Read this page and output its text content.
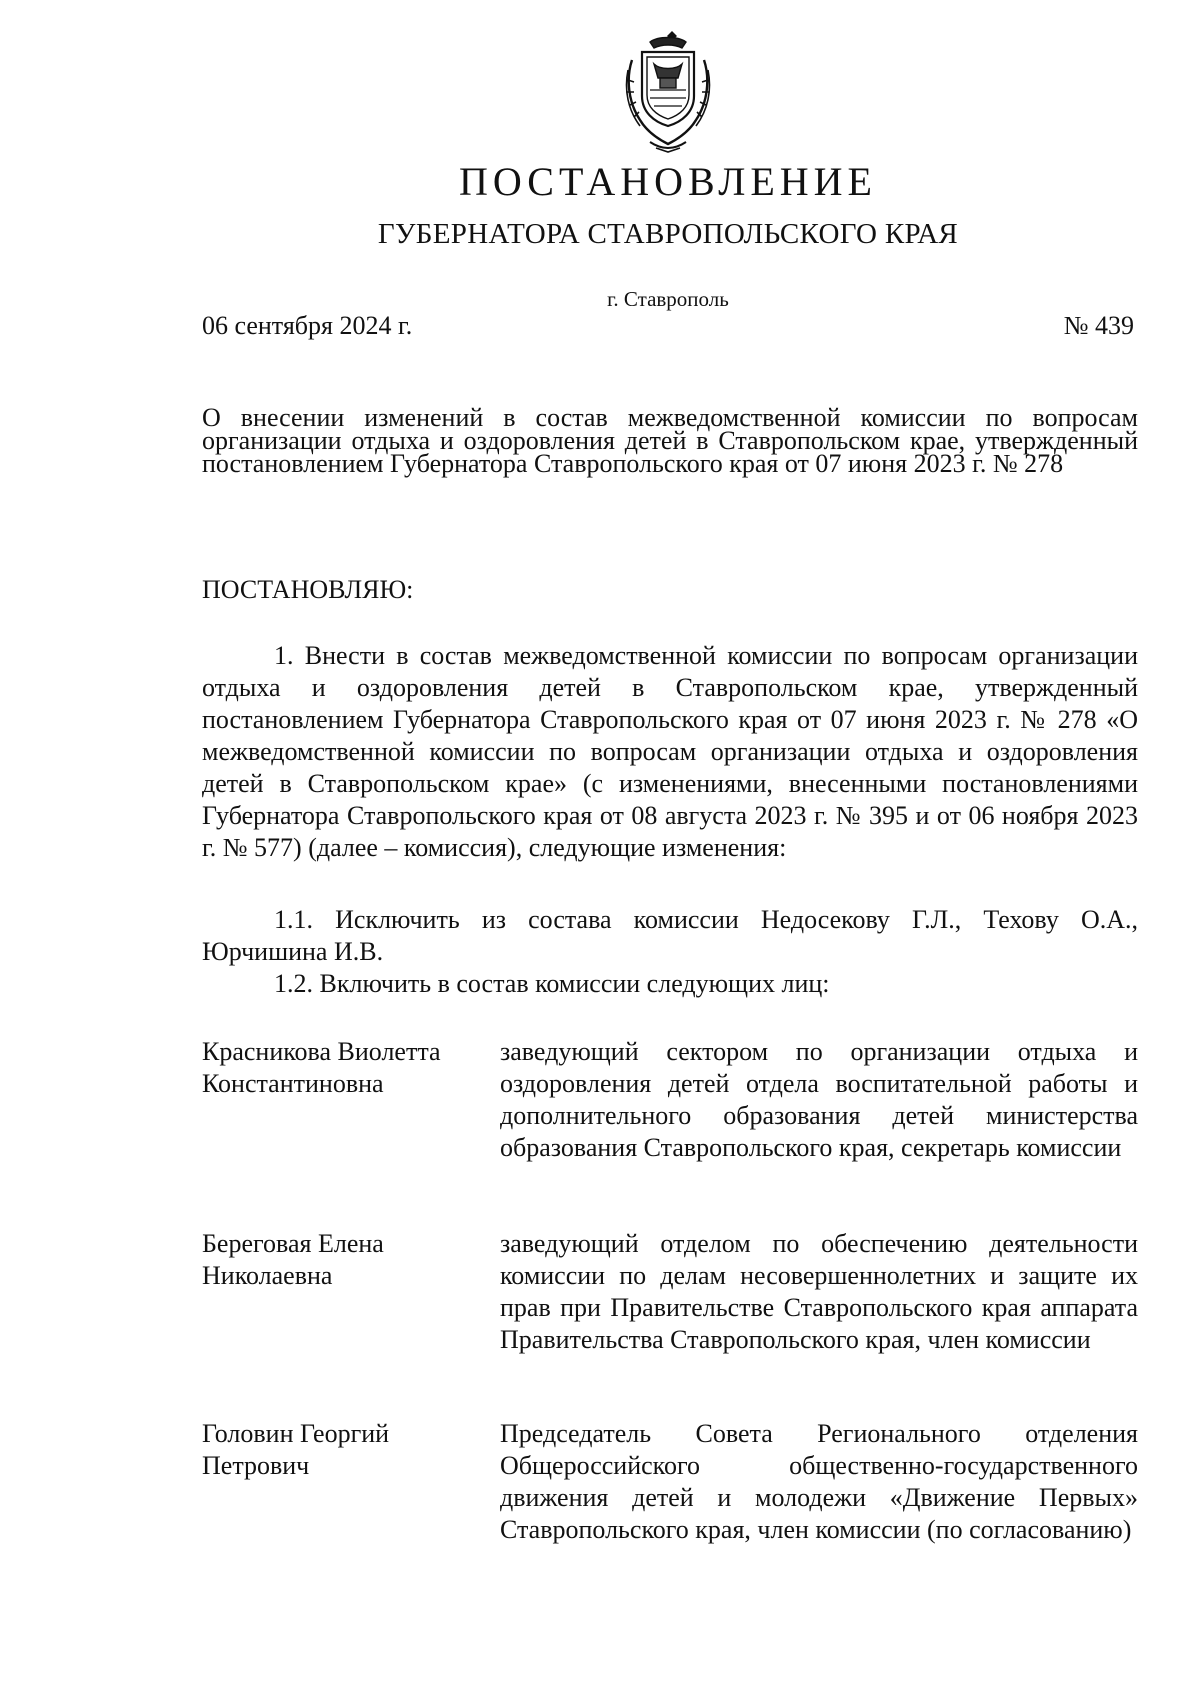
ПОСТАНОВЛЕНИЕ
ГУБЕРНАТОРА СТАВРОПОЛЬСКОГО КРАЯ
г. Ставрополь
06 сентября 2024 г.	№ 439
О внесении изменений в состав межведомственной комиссии по вопросам организации отдыха и оздоровления детей в Ставропольском крае, утвержденный постановлением Губернатора Ставропольского края от 07 июня 2023 г. № 278
ПОСТАНОВЛЯЮ:
1. Внести в состав межведомственной комиссии по вопросам организации отдыха и оздоровления детей в Ставропольском крае, утвержденный постановлением Губернатора Ставропольского края от 07 июня 2023 г. № 278 «О межведомственной комиссии по вопросам организации отдыха и оздоровления детей в Ставропольском крае» (с изменениями, внесенными постановлениями Губернатора Ставропольского края от 08 августа 2023 г. № 395 и от 06 ноября 2023 г. № 577) (далее – комиссия), следующие изменения:
1.1. Исключить из состава комиссии Недосекову Г.Л., Техову О.А., Юрчишина И.В.
1.2. Включить в состав комиссии следующих лиц:
Красникова Виолетта Константиновна
заведующий сектором по организации отдыха и оздоровления детей отдела воспитательной работы и дополнительного образования детей министерства образования Ставропольского края, секретарь комиссии
Береговая Елена Николаевна
заведующий отделом по обеспечению деятельности комиссии по делам несовершеннолетних и защите их прав при Правительстве Ставропольского края аппарата Правительства Ставропольского края, член комиссии
Головин Георгий Петрович
Председатель Совета Регионального отделения Общероссийского общественно-государственного движения детей и молодежи «Движение Первых» Ставропольского края, член комиссии (по согласованию)
